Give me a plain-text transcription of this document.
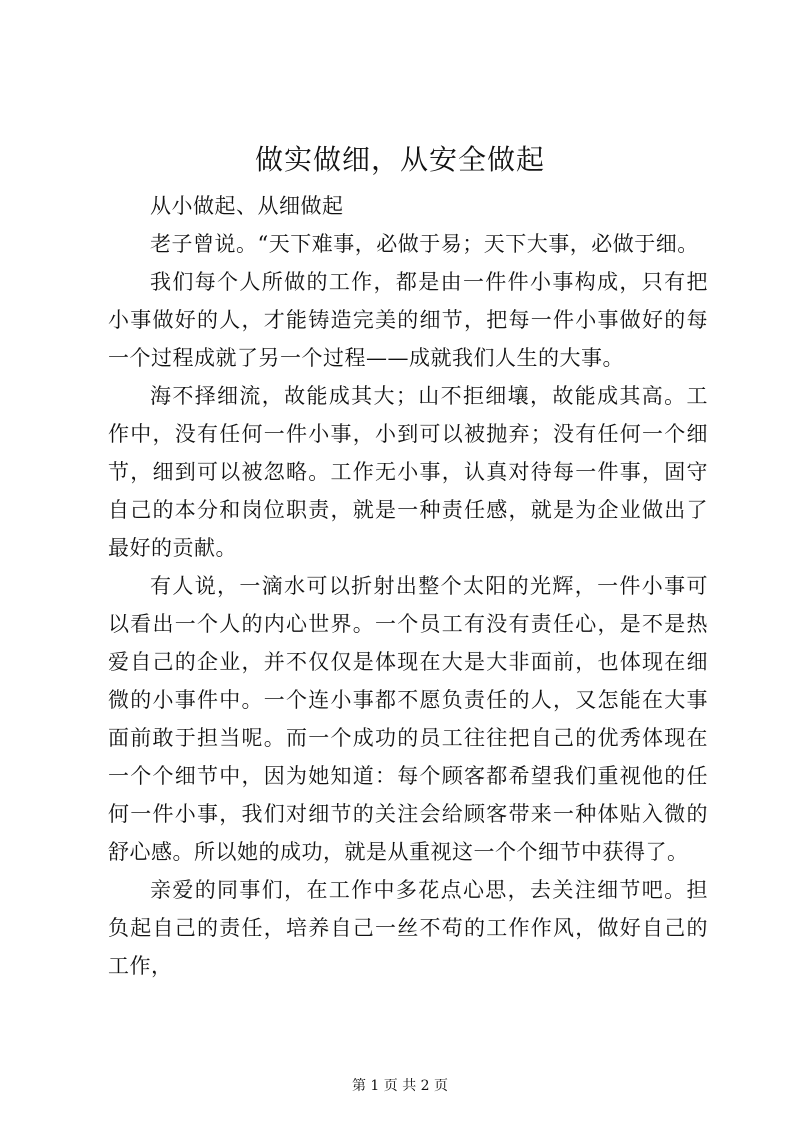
做实做细，从安全做起

从小做起、从细做起

老子曾说。“天下难事，必做于易；天下大事，必做于细。

我们每个人所做的工作，都是由一件件小事构成，只有把小事做好的人，才能铸造完美的细节，把每一件小事做好的每一个过程成就了另一个过程——成就我们人生的大事。

海不择细流，故能成其大；山不拒细壤，故能成其高。工作中，没有任何一件小事，小到可以被抛弃；没有任何一个细节，细到可以被忽略。工作无小事，认真对待每一件事，固守自己的本分和岗位职责，就是一种责任感，就是为企业做出了最好的贡献。

有人说，一滴水可以折射出整个太阳的光辉，一件小事可以看出一个人的内心世界。一个员工有没有责任心，是不是热爱自己的企业，并不仅仅是体现在大是大非面前，也体现在细微的小事件中。一个连小事都不愿负责任的人，又怎能在大事面前敢于担当呢。而一个成功的员工往往把自己的优秀体现在一个个细节中，因为她知道：每个顾客都希望我们重视他的任何一件小事，我们对细节的关注会给顾客带来一种体贴入微的舒心感。所以她的成功，就是从重视这一个个细节中获得了。

亲爱的同事们，在工作中多花点心思，去关注细节吧。担负起自己的责任，培养自己一丝不苟的工作作风，做好自己的工作，

第 1 页 共 2 页
